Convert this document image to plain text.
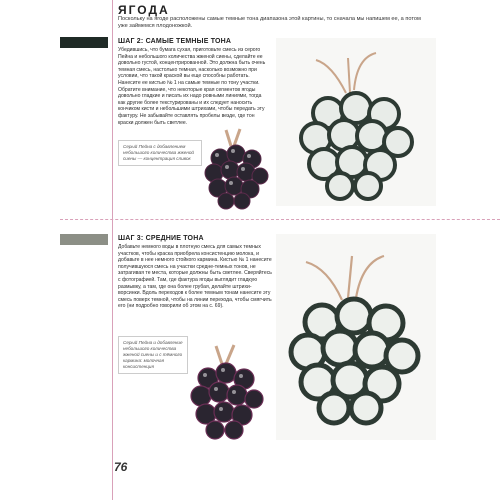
ЯГОДА
Поскольку на ягоде расположены самые темные тона диапазона этой картины, то сначала мы напишем ее, а потом уже займемся плодоножкой.
ШАГ 2: САМЫЕ ТЕМНЫЕ ТОНА
Убедившись, что бумага сухая, приготовьте смесь из серого Пейна и небольшого количества жженой сиены, сделайте ее довольно густой, концентрированной. Это должна быть очень темная смесь, настолько темная, насколько возможно при условии, что такой краской вы еще способны работать. Нанесите ее кистью № 1 на самые темные по тону участки. Обратите внимание, что некоторые края сегментов ягоды довольно гладкие и писать их надо ровными линиями, тогда как другие более текстурированы и их следует наносить кончиком кисти и небольшими штрихами, чтобы передать эту фактуру. Не забывайте оставлять пробелы везде, где тон краски должен быть светлее.
Серый Пейна с добавлением небольшого количества жженой сиены — концентрация сливок
ШАГ 3: СРЕДНИЕ ТОНА
Добавьте немного воды в плотную смесь для самых темных участков, чтобы краска приобрела консистенцию молока, и добавьте в нее немного стойкого кармина. Кистью № 1 нанесите получившуюся смесь на участки средне-темных тонов, не затрагивая те места, которые должны быть светлее. Сверяйтесь с фотографией. Там, где фактура ягоды выглядит гладкую размывку, а там, где она более грубая, делайте штрихи-ворсинки. Вдоль переходов к более темным тонам нанесите эту смесь поверх темной, чтобы на линии перехода, чтобы смягчить его (ни подробно говорили об этом на с. 69).
Серый Пейна и добавление небольшого количества жженой сиены и с тёмного кармина: молочная консистенция
76
